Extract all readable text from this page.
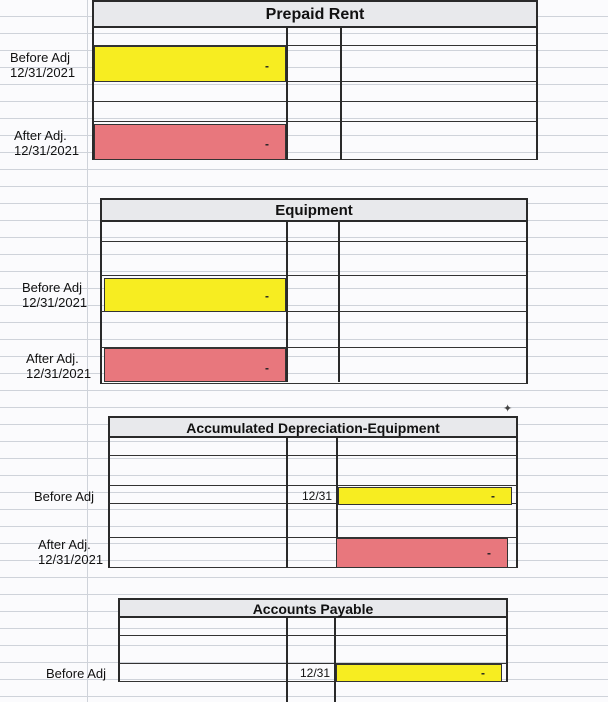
Prepaid Rent
-
-
Before Adj
12/31/2021
After Adj.
12/31/2021
Equipment
-
-
Before Adj
12/31/2021
After Adj.
12/31/2021
Accumulated Depreciation-Equipment
-
-
12/31
Before Adj
After Adj.
12/31/2021
Accounts Payable
-
12/31
Before Adj
✦
